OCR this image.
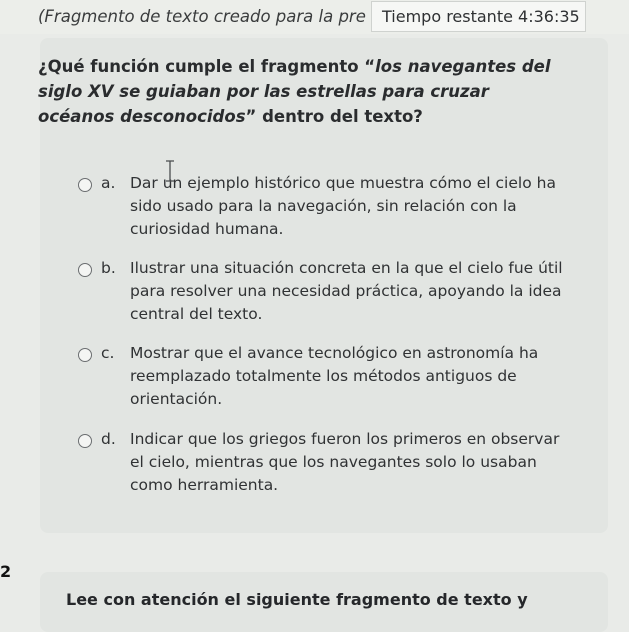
(Fragmento de texto creado para la pre	Tiempo restante 4:36:35
¿Qué función cumple el fragmento “los navegantes del siglo XV se guiaban por las estrellas para cruzar océanos desconocidos” dentro del texto?
a. Dar un ejemplo histórico que muestra cómo el cielo ha sido usado para la navegación, sin relación con la curiosidad humana.
b. Ilustrar una situación concreta en la que el cielo fue útil para resolver una necesidad práctica, apoyando la idea central del texto.
c. Mostrar que el avance tecnológico en astronomía ha reemplazado totalmente los métodos antiguos de orientación.
d. Indicar que los griegos fueron los primeros en observar el cielo, mientras que los navegantes solo lo usaban como herramienta.
2
Lee con atención el siguiente fragmento de texto y
